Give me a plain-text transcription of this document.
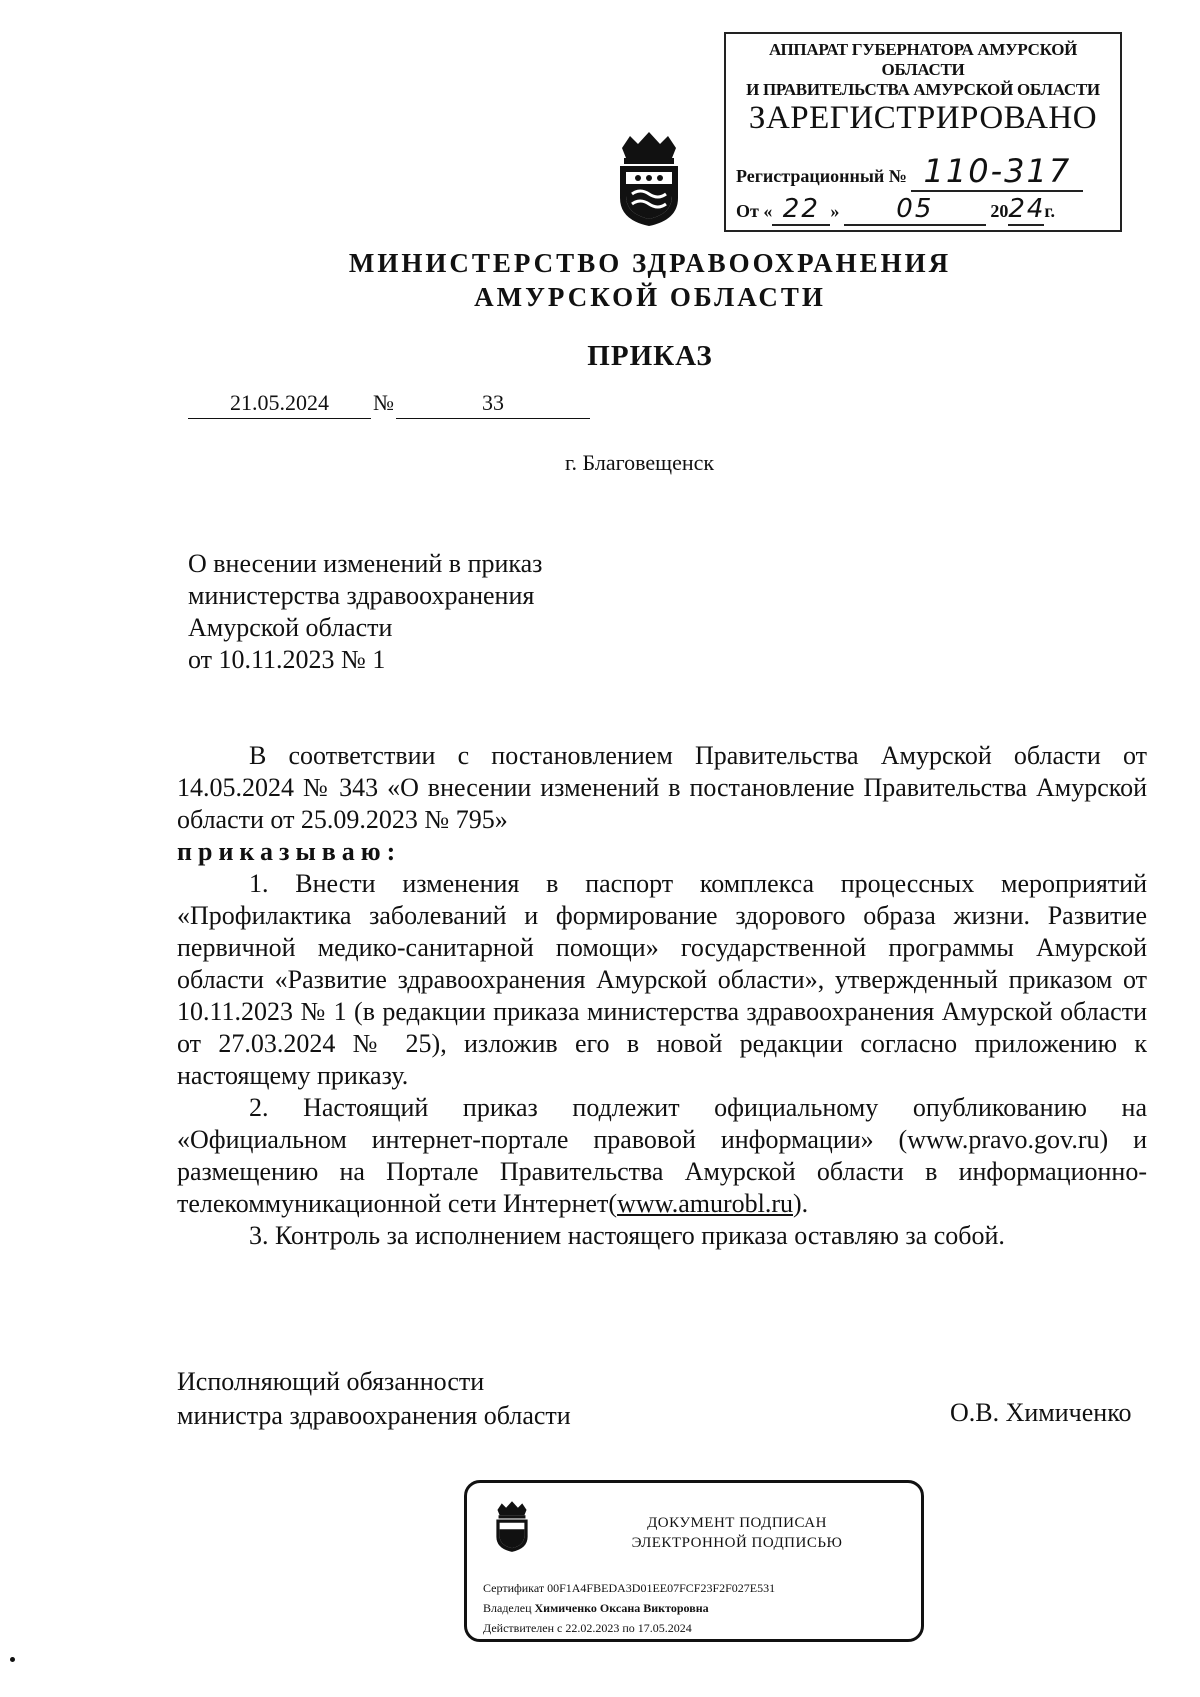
АППАРАТ ГУБЕРНАТОРА АМУРСКОЙ ОБЛАСТИ
И ПРАВИТЕЛЬСТВА АМУРСКОЙ ОБЛАСТИ
ЗАРЕГИСТРИРОВАНО
Регистрационный № 110-317
От « 22 » 05	2024г.
МИНИСТЕРСТВО ЗДРАВООХРАНЕНИЯ
АМУРСКОЙ ОБЛАСТИ
ПРИКАЗ
21.05.2024	№	33
г. Благовещенск
О внесении изменений в приказ
министерства здравоохранения
Амурской области
от 10.11.2023 № 1

В соответствии с постановлением Правительства Амурской области от 14.05.2024 № 343 «О внесении изменений в постановление Правительства Амурской области от 25.09.2023 № 795»

приказываю:

1. Внести изменения в паспорт комплекса процессных мероприятий «Профилактика заболеваний и формирование здорового образа жизни. Развитие первичной медико-санитарной помощи» государственной программы Амурской области «Развитие здравоохранения Амурской области», утвержденный приказом от 10.11.2023 № 1 (в редакции приказа министерства здравоохранения Амурской области от 27.03.2024 № 25), изложив его в новой редакции согласно приложению к настоящему приказу.

2. Настоящий приказ подлежит официальному опубликованию на «Официальном интернет-портале правовой информации» (www.pravo.gov.ru) и размещению на Портале Правительства Амурской области в информационно-телекоммуникационной сети Интернет(www.amurobl.ru).

3. Контроль за исполнением настоящего приказа оставляю за собой.

Исполняющий обязанности
министра здравоохранения области	О.В. Химиченко
ДОКУМЕНТ ПОДПИСАН
ЭЛЕКТРОННОЙ ПОДПИСЬЮ
Сертификат 00F1A4FBEDA3D01EE07FCF23F2F027E531
Владелец Химиченко Оксана Викторовна
Действителен с 22.02.2023 по 17.05.2024
